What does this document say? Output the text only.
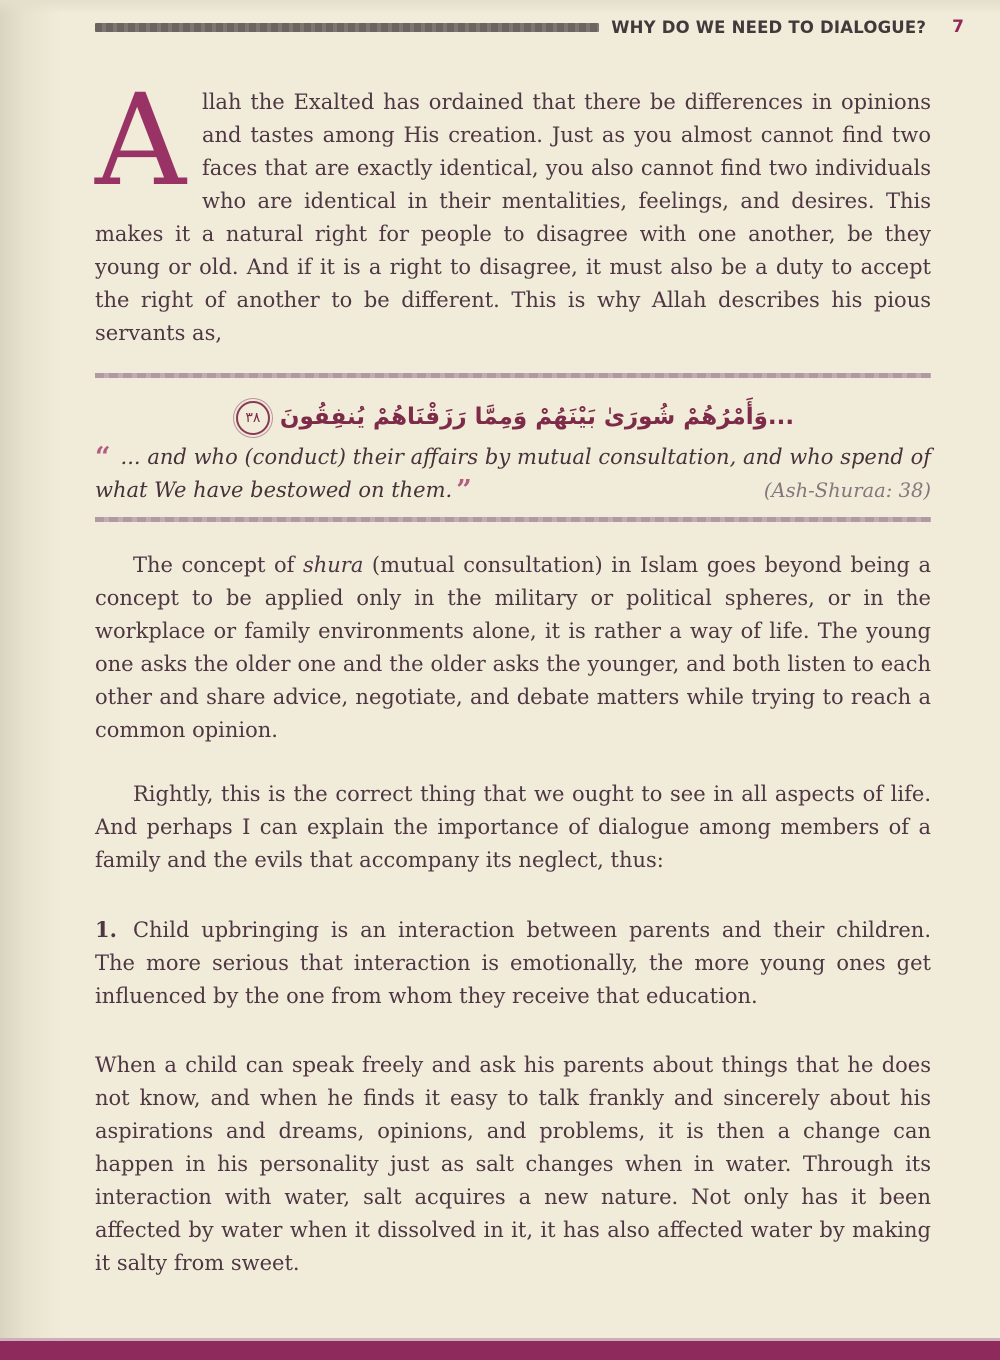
WHY DO WE NEED TO DIALOGUE? 7

Allah the Exalted has ordained that there be differences in opinions and tastes among His creation. Just as you almost cannot find two faces that are exactly identical, you also cannot find two individuals who are identical in their mentalities, feelings, and desires. This makes it a natural right for people to disagree with one another, be they young or old. And if it is a right to disagree, it must also be a duty to accept the right of another to be different. This is why Allah describes his pious servants as,

...وَأَمْرُهُمْ شُورَىٰ بَيْنَهُمْ وَمِمَّا رَزَقْنَاهُمْ يُنفِقُونَ٣٨

“ ... and who (conduct) their affairs by mutual consultation, and who spend of what We have bestowed on them. ”	(Ash-Shuraa: 38)

The concept of shura (mutual consultation) in Islam goes beyond being a concept to be applied only in the military or political spheres, or in the workplace or family environments alone, it is rather a way of life. The young one asks the older one and the older asks the younger, and both listen to each other and share advice, negotiate, and debate matters while trying to reach a common opinion.

Rightly, this is the correct thing that we ought to see in all aspects of life. And perhaps I can explain the importance of dialogue among members of a family and the evils that accompany its neglect, thus:

1. Child upbringing is an interaction between parents and their children. The more serious that interaction is emotionally, the more young ones get influenced by the one from whom they receive that education.

When a child can speak freely and ask his parents about things that he does not know, and when he finds it easy to talk frankly and sincerely about his aspirations and dreams, opinions, and problems, it is then a change can happen in his personality just as salt changes when in water. Through its interaction with water, salt acquires a new nature. Not only has it been affected by water when it dissolved in it, it has also affected water by making it salty from sweet.
